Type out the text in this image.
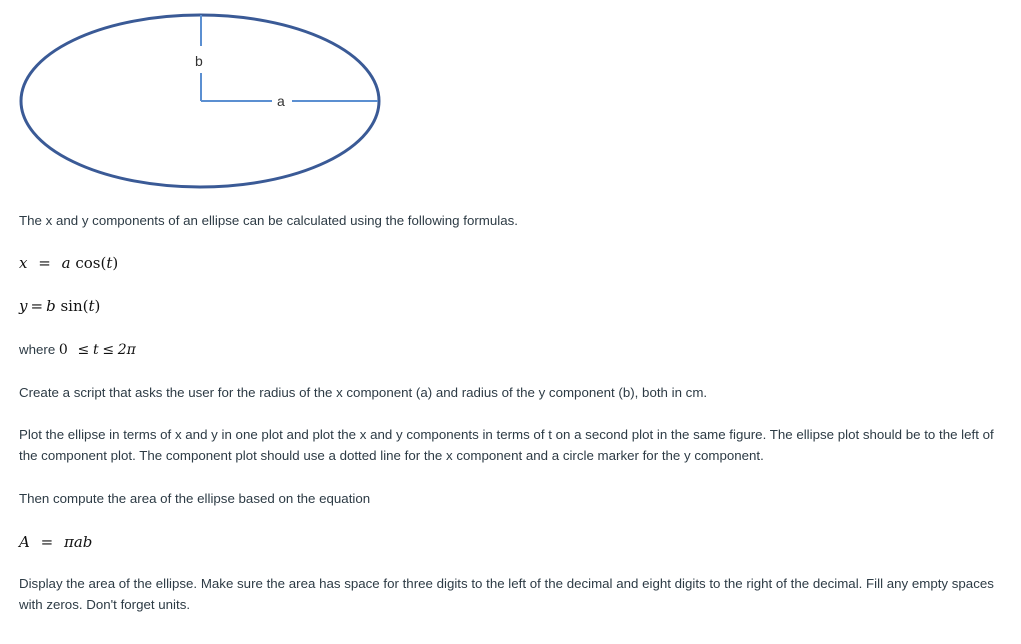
b
a

The x and y components of an ellipse can be calculated using the following formulas.

x = a cos(t)
y = b sin(t)
where 0 ≤ t ≤ 2π

Create a script that asks the user for the radius of the x component (a) and radius of the y component (b), both in cm.

Plot the ellipse in terms of x and y in one plot and plot the x and y components in terms of t on a second plot in the same figure. The ellipse plot should be to the left of the component plot. The component plot should use a dotted line for the x component and a circle marker for the y component.

Then compute the area of the ellipse based on the equation

A = πab

Display the area of the ellipse. Make sure the area has space for three digits to the left of the decimal and eight digits to the right of the decimal. Fill any empty spaces with zeros. Don't forget units.
